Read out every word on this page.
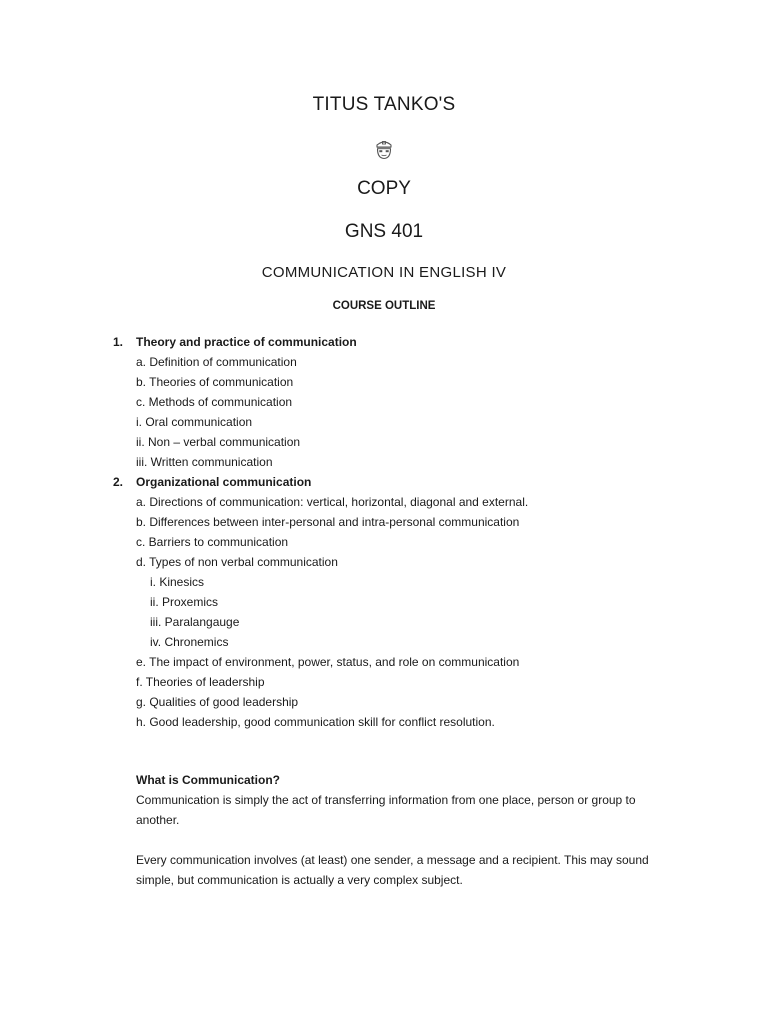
TITUS TANKO'S
COPY
GNS 401
COMMUNICATION IN ENGLISH IV
COURSE OUTLINE
1. Theory and practice of communication
a. Definition of communication
b. Theories of communication
c. Methods of communication
i. Oral communication
ii. Non – verbal communication
iii. Written communication
2. Organizational communication
a. Directions of communication: vertical, horizontal, diagonal and external.
b. Differences between inter-personal and intra-personal communication
c. Barriers to communication
d. Types of non verbal communication
i. Kinesics
ii. Proxemics
iii. Paralangauge
iv. Chronemics
e. The impact of environment, power, status, and role on communication
f. Theories of leadership
g. Qualities of good leadership
h. Good leadership, good communication skill for conflict resolution.
What is Communication?
Communication is simply the act of transferring information from one place, person or group to
another.
Every communication involves (at least) one sender, a message and a recipient. This may sound
simple, but communication is actually a very complex subject.
